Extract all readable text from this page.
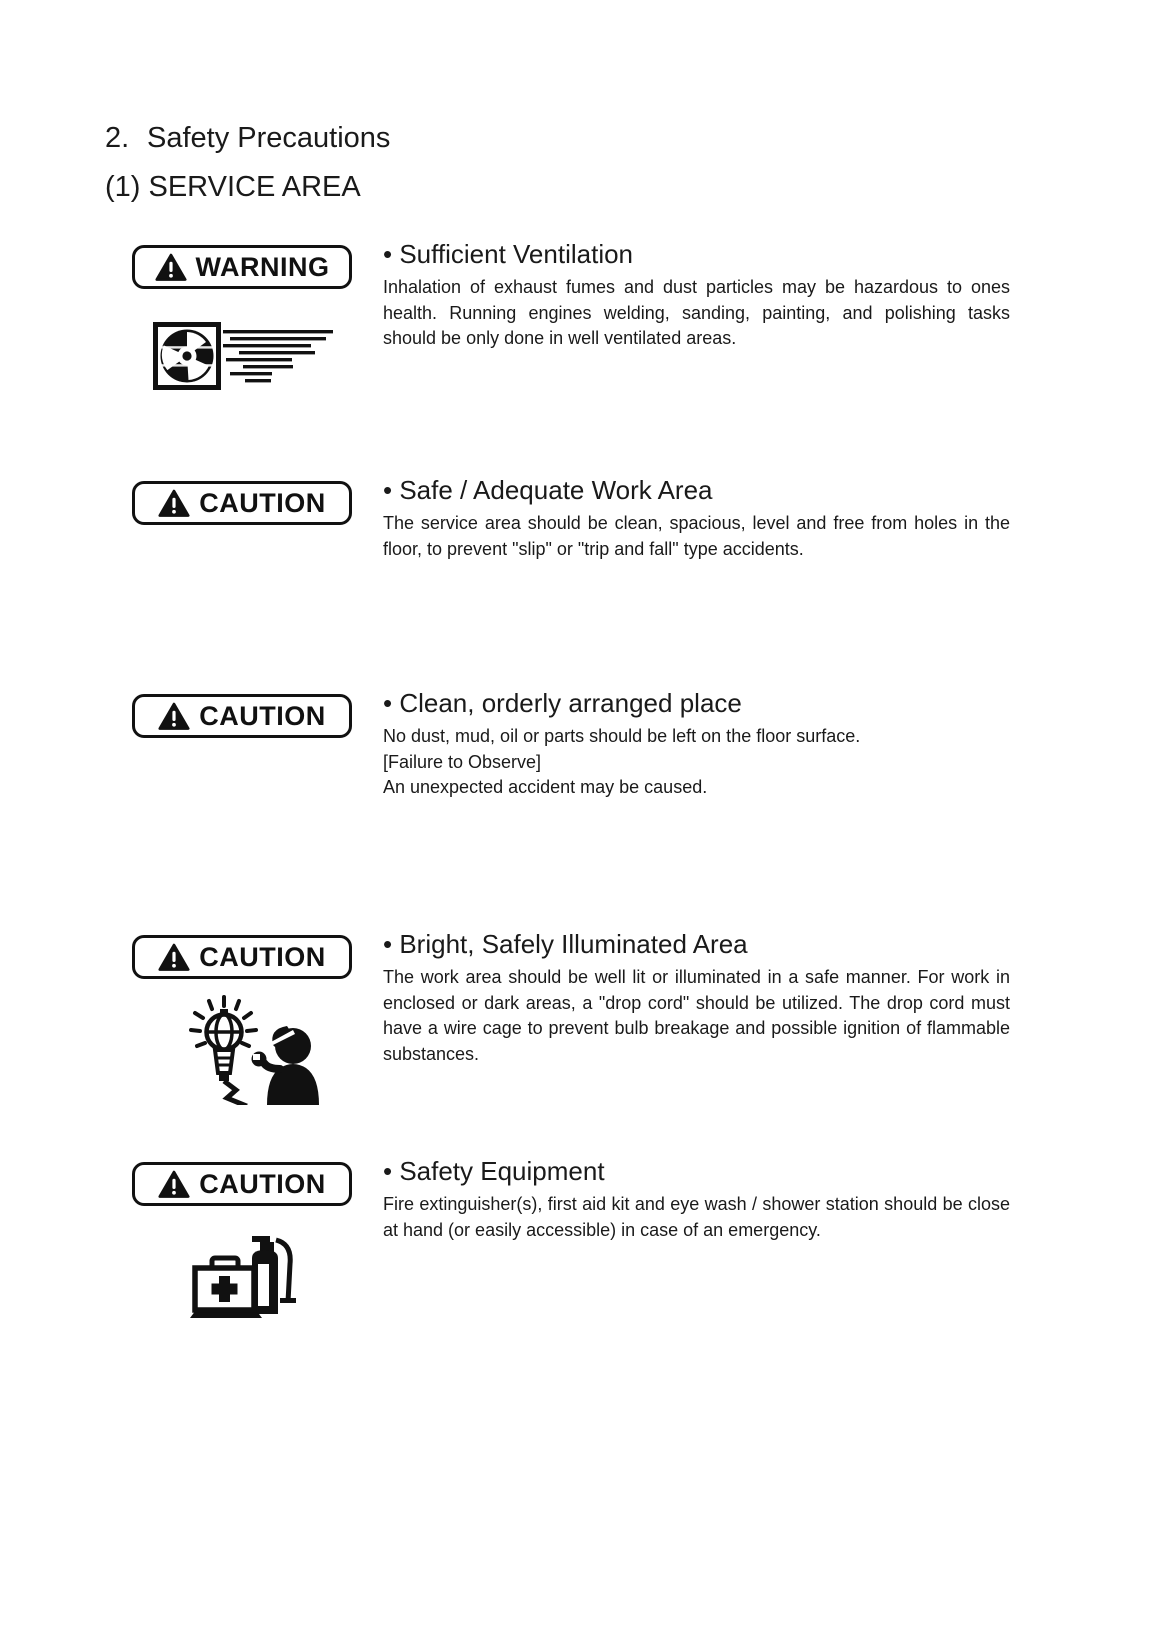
2. Safety Precautions
(1) SERVICE AREA
WARNING • Sufficient Ventilation

Inhalation of exhaust fumes and dust particles may be hazardous to ones health. Running engines welding, sanding, painting, and polishing tasks should be only done in well ventilated areas.

CAUTION • Safe / Adequate Work Area

The service area should be clean, spacious, level and free from holes in the floor, to prevent "slip" or "trip and fall" type accidents.

CAUTION • Clean, orderly arranged place
No dust, mud, oil or parts should be left on the floor surface.
[Failure to Observe]
An unexpected accident may be caused.
CAUTION • Bright, Safely Illuminated Area

The work area should be well lit or illuminated in a safe manner. For work in enclosed or dark areas, a "drop cord" should be utilized. The drop cord must have a wire cage to prevent bulb breakage and possible ignition of flammable substances.

CAUTION • Safety Equipment

Fire extinguisher(s), first aid kit and eye wash / shower station should be close at hand (or easily accessible) in case of an emergency.
